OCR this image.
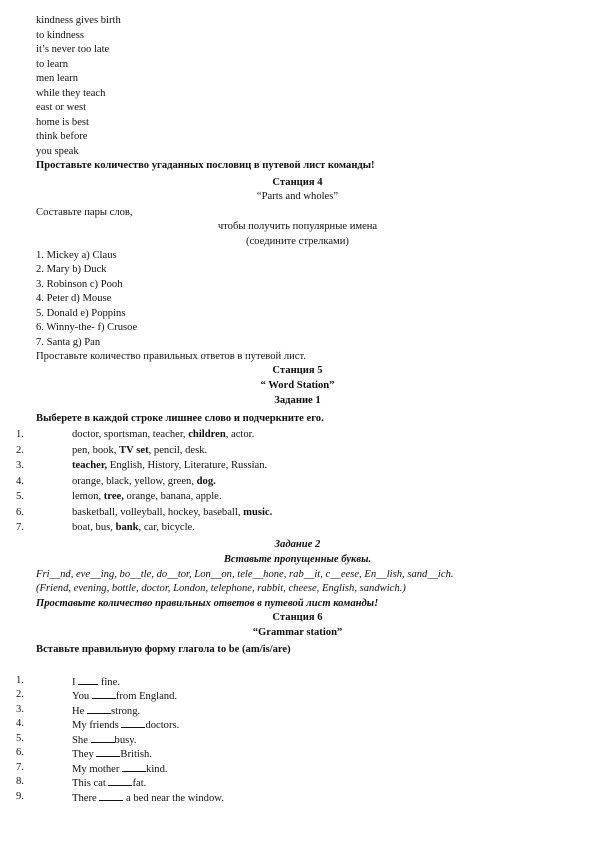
kindness gives birth
to kindness
it’s never too late
to learn
men learn
while they teach
east or west
home is best
think before
you speak
Проставьте количество угаданных пословиц в путевой лист команды!
Станция 4
“Parts and wholes”
Составьте пары слов,
чтобы получить популярные имена
(соедините стрелками)
1. Mickey a) Claus
2. Mary b) Duck
3. Robinson c) Pooh
4. Peter d) Mouse
5. Donald e) Poppins
6. Winny-the- f) Crusoe
7. Santa g) Pan
Проставьте количество правильных ответов в путевой лист.
Станция 5
“ Word Station”
Задание 1
Выберете в каждой строке лишнее слово и подчеркните его.
1.	doctor, sportsman, teacher, children, actor.
2.	pen, book, TV set, pencil, desk.
3.	teacher, English, History, Literature, Russian.
4.	orange, black, yellow, green, dog.
5.	lemon, tree, orange, banana, apple.
6.	basketball, volleyball, hockey, baseball, music.
7.	boat, bus, bank, car, bicycle.
Задание 2
Вставьте пропущенные буквы.
Fri__nd, eve__ing, bo__tle, do__tor, Lon__on, tele__hone, rab__it, c__eese, En__lish, sand__ich.
(Friend, evening, bottle, doctor, London, telephone, rabbit, cheese, English, sandwich.)
Проставьте количество правильных ответов в путевой лист команды!
Станция 6
“Grammar station”
Вставьте правильную форму глагола to be (am/is/are)
1.	I  fine.
2.	You from England.
3.	He strong.
4.	My friends doctors.
5.	She busy.
6.	They British.
7.	My mother kind.
8.	This cat fat.
9.	There  a bed near the window.
